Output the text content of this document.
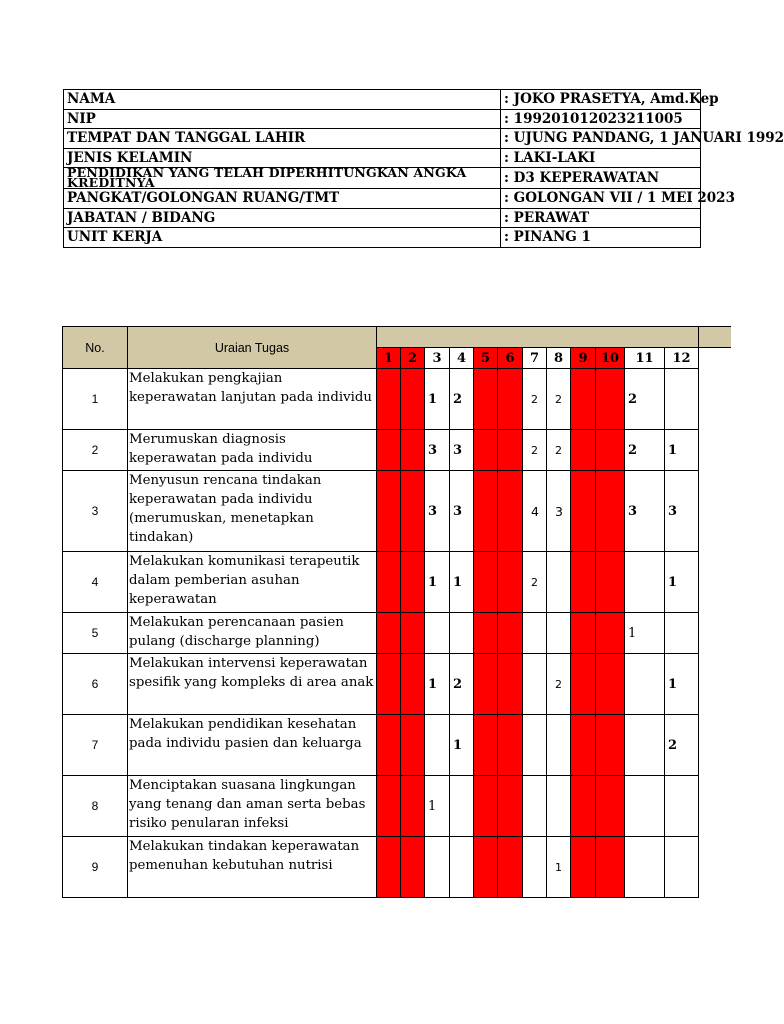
NAMA	: JOKO PRASETYA, Amd.Kep
NIP	: 199201012023211005
TEMPAT DAN TANGGAL LAHIR	: UJUNG PANDANG, 1 JANUARI 1992
JENIS KELAMIN	: LAKI-LAKI
PENDIDIKAN YANG TELAH DIPERHITUNGKAN ANGKA KREDITNYA	: D3 KEPERAWATAN
PANGKAT/GOLONGAN RUANG/TMT	: GOLONGAN VII / 1 MEI 2023
JABATAN / BIDANG	: PERAWAT
UNIT KERJA	: PINANG 1
No.	Uraian Tugas												
		1	2	3	4	5	6	7	8	9	10	11	12
1	Melakukan pengkajian keperawatan lanjutan pada individu			1	2			2	2			2	
2	Merumuskan diagnosis keperawatan pada individu			3	3			2	2			2	1
3	Menyusun rencana tindakan keperawatan pada individu (merumuskan, menetapkan tindakan)			3	3			4	3			3	3
4	Melakukan komunikasi terapeutik dalam pemberian asuhan keperawatan			1	1			2					1
5	Melakukan perencanaan pasien pulang (discharge planning)											1	
6	Melakukan intervensi keperawatan spesifik yang kompleks di area anak			1	2				2				1
7	Melakukan pendidikan kesehatan pada individu pasien dan keluarga				1								2
8	Menciptakan suasana lingkungan yang tenang dan aman serta bebas risiko penularan infeksi			1									
9	Melakukan tindakan keperawatan pemenuhan kebutuhan nutrisi								1				
